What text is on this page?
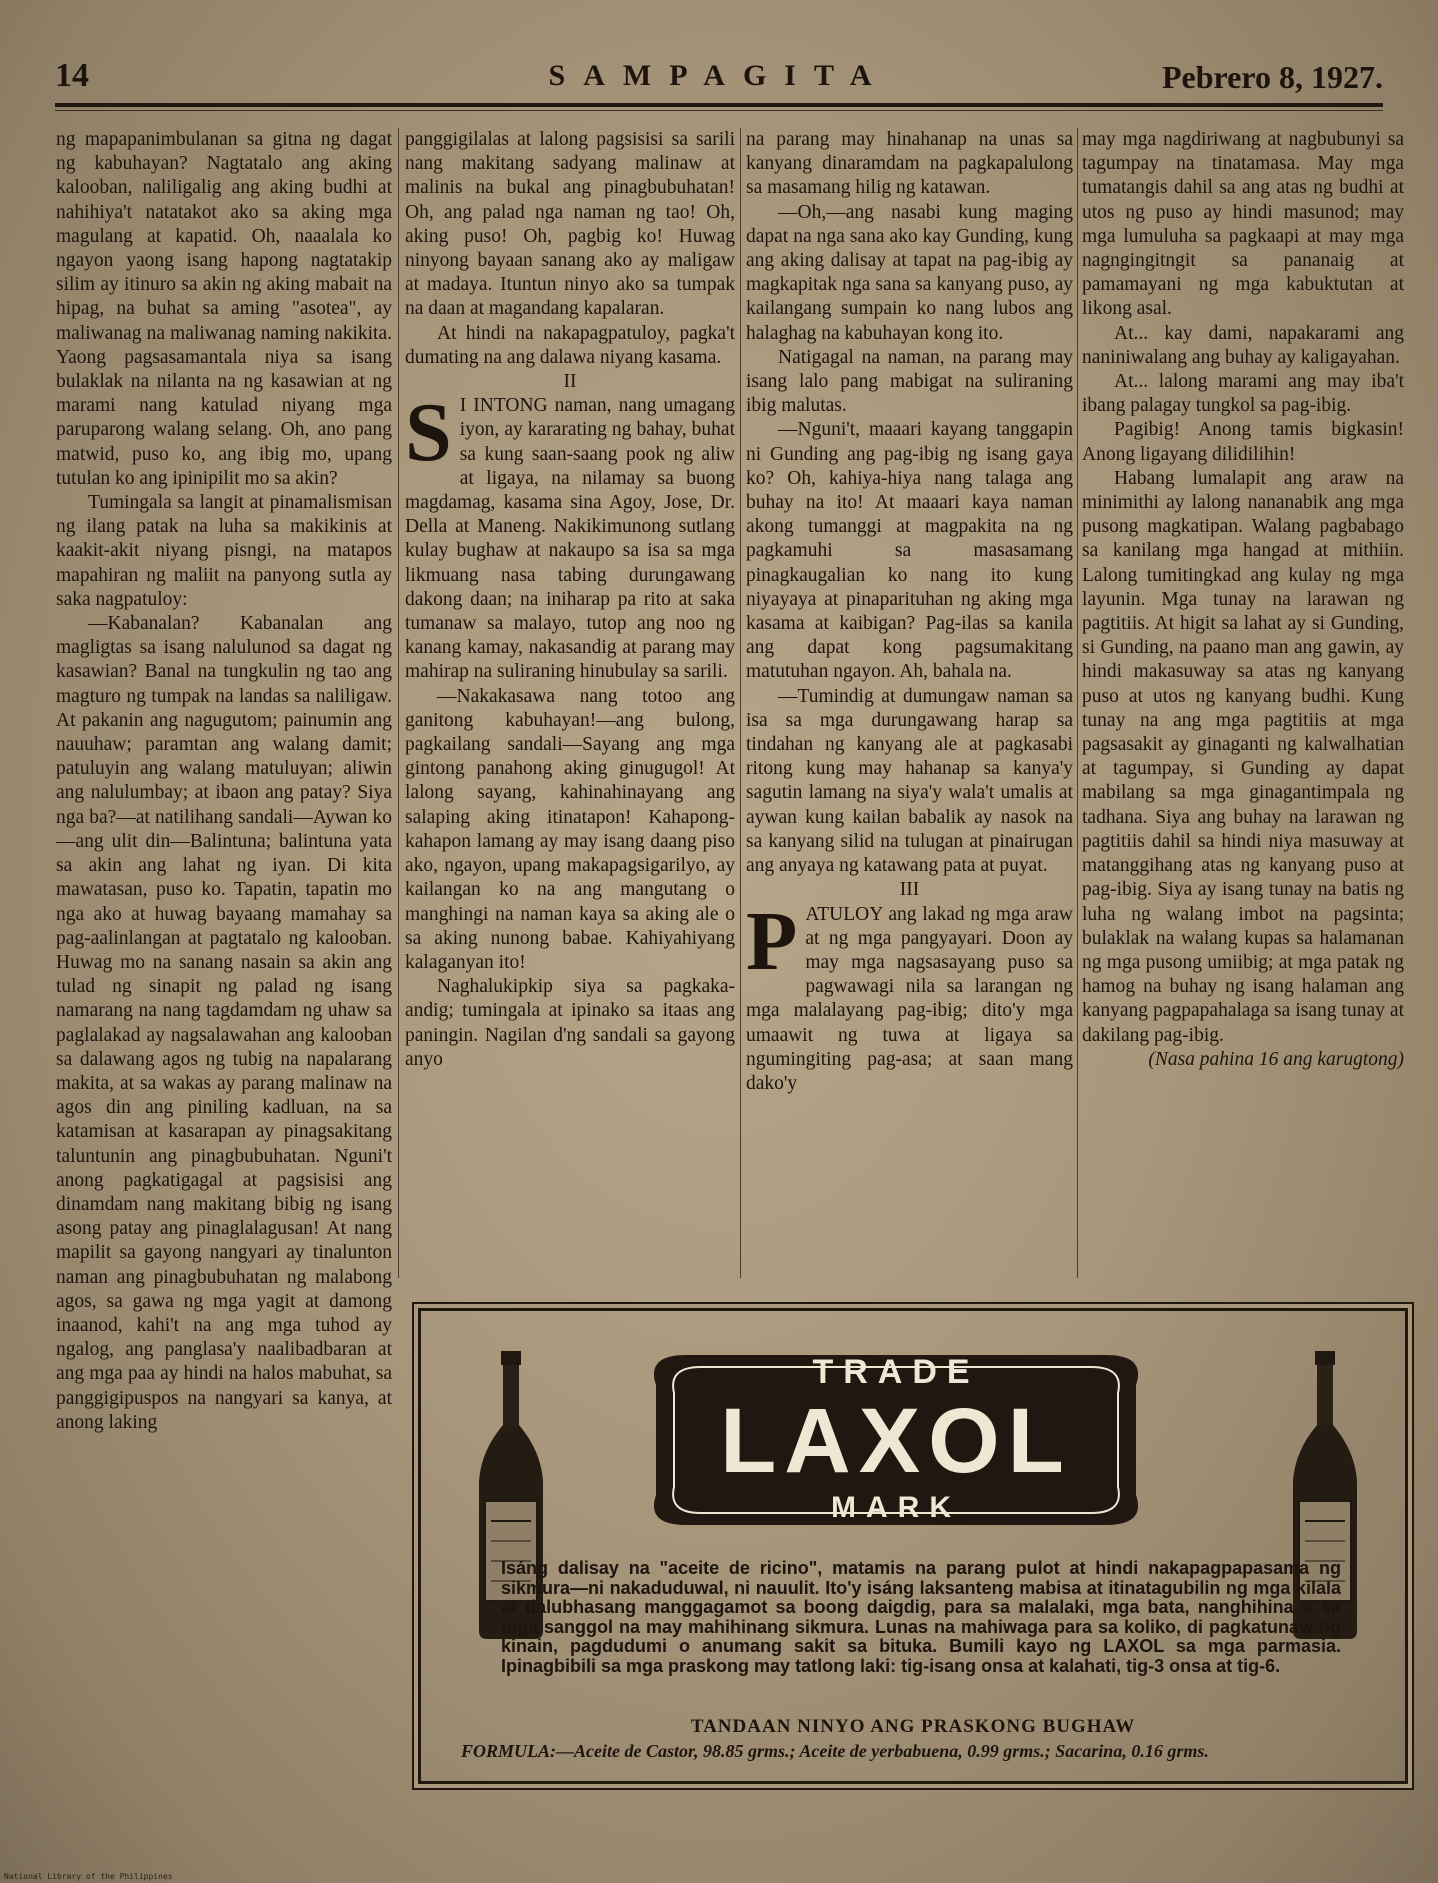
14	SAMPAGITA	Pebrero 8, 1927.

ng mapapanimbulanan sa gitna ng dagat ng kabuhayan? Nagtatalo ang aking kalooban, naliligalig ang aking budhi at nahihiya't natatakot ako sa aking mga magulang at kapatid. Oh, naaalala ko ngayon yaong isang hapong nagtatakip silim ay itinuro sa akin ng aking mabait na hipag, na buhat sa aming "asotea", ay maliwanag na maliwanag naming nakikita. Yaong pagsasamantala niya sa isang bulaklak na nilanta na ng kasawian at ng marami nang katulad niyang mga paruparong walang selang. Oh, ano pang matwid, puso ko, ang ibig mo, upang tutulan ko ang ipinipilit mo sa akin?

Tumingala sa langit at pinamalismisan ng ilang patak na luha sa makikinis at kaakit-akit niyang pisngi, na matapos mapahiran ng maliit na panyong sutla ay saka nagpatuloy:

—Kabanalan? Kabanalan ang magligtas sa isang nalulunod sa dagat ng kasawian? Banal na tungkulin ng tao ang magturo ng tumpak na landas sa naliligaw. At pakanin ang nagugutom; painumin ang nauuhaw; paramtan ang walang damit; patuluyin ang walang matuluyan; aliwin ang nalulumbay; at ibaon ang patay? Siya nga ba?—at natilihang sandali—Aywan ko—ang ulit din—Balintuna; balintuna yata sa akin ang lahat ng iyan. Di kita mawatasan, puso ko. Tapatin, tapatin mo nga ako at huwag bayaang mamahay sa pag-aalinlangan at pagtatalo ng kalooban. Huwag mo na sanang nasain sa akin ang tulad ng sinapit ng palad ng isang namarang na nang tagdamdam ng uhaw sa paglalakad ay nagsalawahan ang kalooban sa dalawang agos ng tubig na napalarang makita, at sa wakas ay parang malinaw na agos din ang piniling kadluan, na sa katamisan at kasarapan ay pinagsakitang taluntunin ang pinagbubuhatan. Nguni't anong pagkatigagal at pagsisisi ang dinamdam nang makitang bibig ng isang asong patay ang pinaglalagusan! At nang mapilit sa gayong nangyari ay tinalunton naman ang pinagbubuhatan ng malabong agos, sa gawa ng mga yagit at damong inaanod, kahi't na ang mga tuhod ay ngalog, ang panglasa'y naalibadbaran at ang mga paa ay hindi na halos mabuhat, sa panggigipuspos na nangyari sa kanya, at anong laking

panggigilalas at lalong pagsisisi sa sarili nang makitang sadyang malinaw at malinis na bukal ang pinagbubuhatan! Oh, ang palad nga naman ng tao! Oh, aking puso! Oh, pagbig ko! Huwag ninyong bayaan sanang ako ay maligaw at madaya. Ituntun ninyo ako sa tumpak na daan at magandang kapalaran.

At hindi na nakapagpatuloy, pagka't dumating na ang dalawa niyang kasama.

II

S I INTONG naman, nang umagang iyon, ay kararating ng bahay, buhat sa kung saan-saang pook ng aliw at ligaya, na nilamay sa buong magdamag, kasama sina Agoy, Jose, Dr. Della at Maneng. Nakikimunong sutlang kulay bughaw at nakaupo sa isa sa mga likmuang nasa tabing durungawang dakong daan; na iniharap pa rito at saka tumanaw sa malayo, tutop ang noo ng kanang kamay, nakasandig at parang may mahirap na suliraning hinubulay sa sarili.

—Nakakasawa nang totoo ang ganitong kabuhayan!—ang bulong, pagkailang sandali—Sayang ang mga gintong panahong aking ginugugol! At lalong sayang, kahinahinayang ang salaping aking itinatapon! Kahapong-kahapon lamang ay may isang daang piso ako, ngayon, upang makapagsigarilyo, ay kailangan ko na ang mangutang o manghingi na naman kaya sa aking ale o sa aking nunong babae. Kahiyahiyang kalaganyan ito!

Naghalukipkip siya sa pagkaka-andig; tumingala at ipinako sa itaas ang paningin. Nagilan d'ng sandali sa gayong anyo

na parang may hinahanap na unas sa kanyang dinaramdam na pagkapalulong sa masamang hilig ng katawan.

—Oh,—ang nasabi kung maging dapat na nga sana ako kay Gunding, kung ang aking dalisay at tapat na pag-ibig ay magkapitak nga sana sa kanyang puso, ay kailangang sumpain ko nang lubos ang halaghag na kabuhayan kong ito.

Natigagal na naman, na parang may isang lalo pang mabigat na suliraning ibig malutas.

—Nguni't, maaari kayang tanggapin ni Gunding ang pag-ibig ng isang gaya ko? Oh, kahiya-hiya nang talaga ang buhay na ito! At maaari kaya naman akong tumanggi at magpakita na ng pagkamuhi sa masasamang pinagkaugalian ko nang ito kung niyayaya at pinaparituhan ng aking mga kasama at kaibigan? Pag-ilas sa kanila ang dapat kong pagsumakitang matutuhan ngayon. Ah, bahala na.

—Tumindig at dumungaw naman sa isa sa mga durungawang harap sa tindahan ng kanyang ale at pagkasabi ritong kung may hahanap sa kanya'y sagutin lamang na siya'y wala't umalis at aywan kung kailan babalik ay nasok na sa kanyang silid na tulugan at pinairugan ang anyaya ng katawang pata at puyat.

III

PATULOY ang lakad ng mga araw at ng mga pangyayari. Doon ay may mga nagsasayang puso sa pagwawagi nila sa larangan ng mga malalayang pag-ibig; dito'y mga umaawit ng tuwa at ligaya sa ngumingiting pag-asa; at saan mang dako'y

may mga nagdiriwang at nagbubunyi sa tagumpay na tinatamasa. May mga tumatangis dahil sa ang atas ng budhi at utos ng puso ay hindi masunod; may mga lumuluha sa pagkaapi at may mga nagngingitngit sa pananaig at pamamayani ng mga kabuktutan at likong asal.

At... kay dami, napakarami ang naniniwalang ang buhay ay kaligayahan.

At... lalong marami ang may iba't ibang palagay tungkol sa pag-ibig.

Pagibig! Anong tamis bigkasin! Anong ligayang dilidilihin!

Habang lumalapit ang araw na minimithi ay lalong nananabik ang mga pusong magkatipan. Walang pagbabago sa kanilang mga hangad at mithiin. Lalong tumitingkad ang kulay ng mga layunin. Mga tunay na larawan ng pagtitiis. At higit sa lahat ay si Gunding, si Gunding, na paano man ang gawin, ay hindi makasuway sa atas ng kanyang puso at utos ng kanyang budhi. Kung tunay na ang mga pagtitiis at mga pagsasakit ay ginaganti ng kalwalhatian at tagumpay, si Gunding ay dapat mabilang sa mga ginagantimpala ng tadhana. Siya ang buhay na larawan ng pagtitiis dahil sa hindi niya masuway at matanggihang atas ng kanyang puso at pag-ibig. Siya ay isang tunay na batis ng luha ng walang imbot na pagsinta; bulaklak na walang kupas sa halamanan ng mga pusong umiibig; at mga patak ng hamog na buhay ng isang halaman ang kanyang pagpapahalaga sa isang tunay at dakilang pag-ibig.

(Nasa pahina 16 ang karugtong)

TRADE
LAXOL
MARK
Isáng dalisay na "aceite de ricino", matamis na parang pulot at hindi nakapagpapasama ng sikmura—ni nakaduduwal, ni nauulit. Ito'y isáng laksanteng mabisa at itinatagubilin ng mga kilala at dalubhasang manggagamot sa boong daigdig, para sa malalaki, mga bata, nanghihina o sa mga sanggol na may mahihinang sikmura. Lunas na mahiwaga para sa koliko, di pagkatunaw ng kinain, pagdudumi o anumang sakit sa bituka. Bumili kayo ng LAXOL sa mga parmasia. Ipinagbibili sa mga praskong may tatlong laki: tig-isang onsa at kalahati, tig-3 onsa at tig-6.
TANDAAN NINYO ANG PRASKONG BUGHAW
FORMULA:—Aceite de Castor, 98.85 grms.; Aceite de yerbabuena, 0.99 grms.; Sacarina, 0.16 grms.
National Library of the Philippines
